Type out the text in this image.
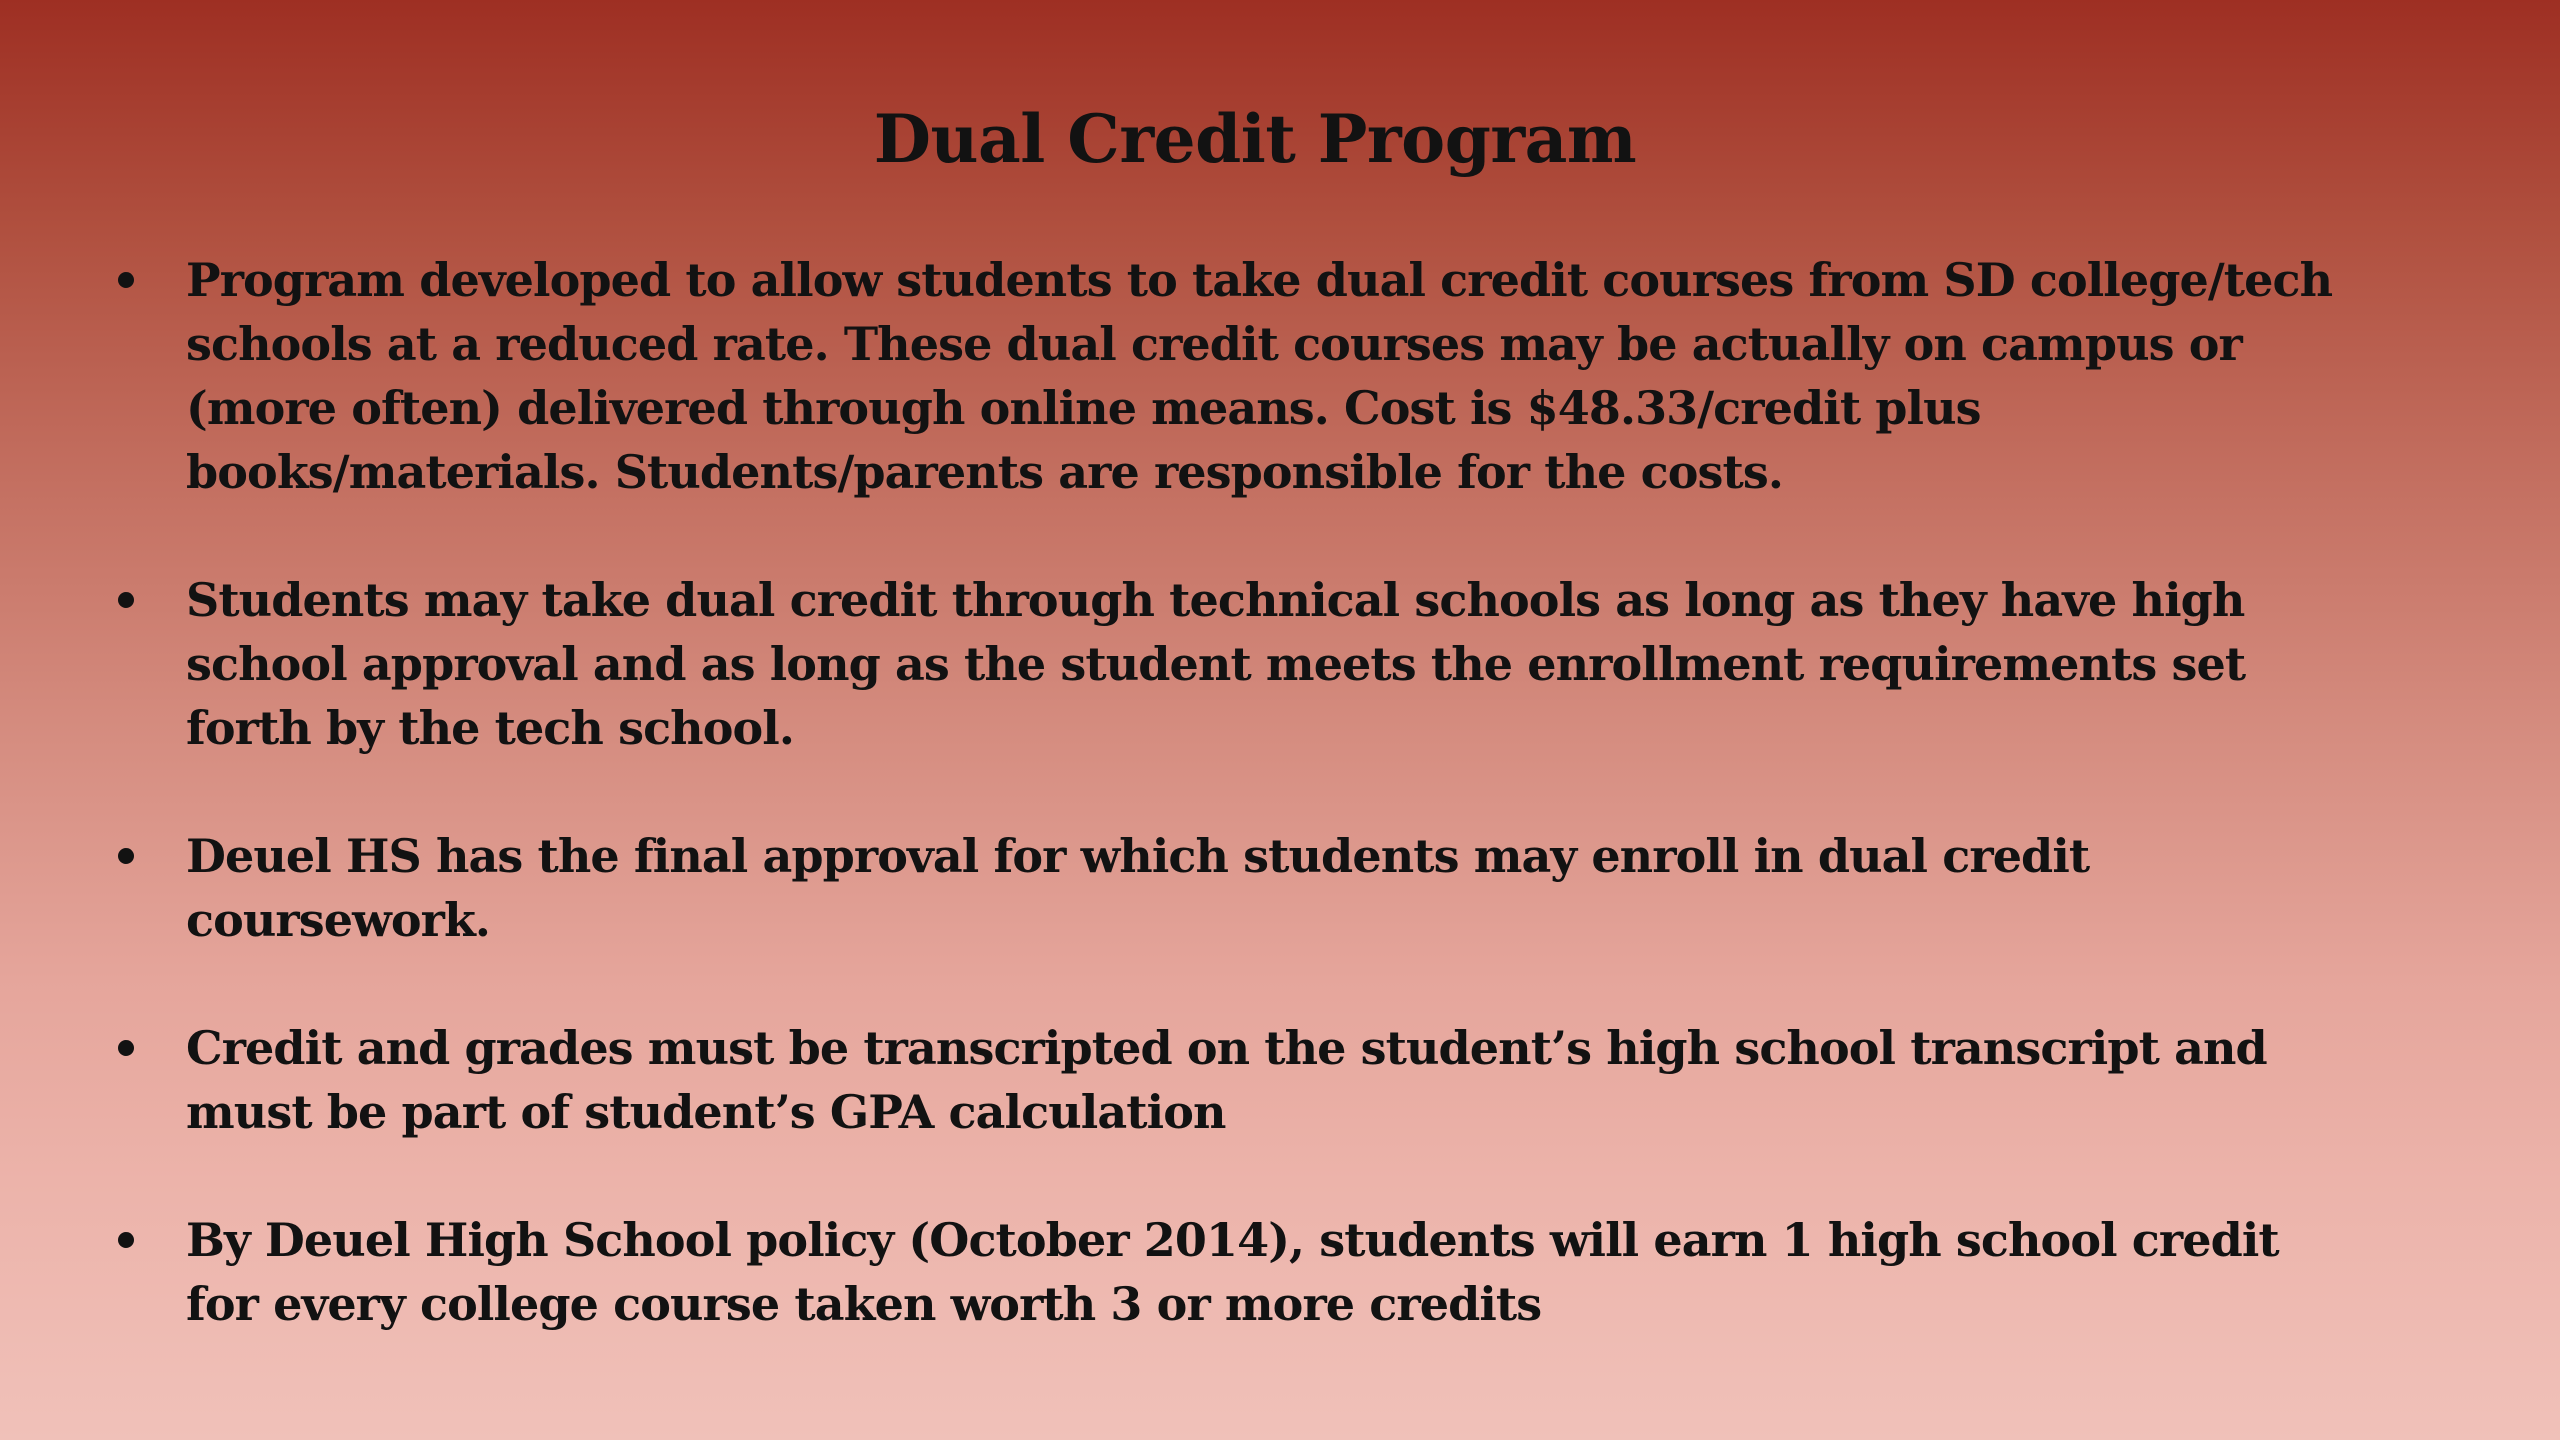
Dual Credit Program
Program developed to allow students to take dual credit courses from SD college/tech schools at a reduced rate. These dual credit courses may be actually on campus or (more often) delivered through online means. Cost is $48.33/credit plus books/materials. Students/parents are responsible for the costs.
Students may take dual credit through technical schools as long as they have high school approval and as long as the student meets the enrollment requirements set forth by the tech school.
Deuel HS has the final approval for which students may enroll in dual credit coursework.
Credit and grades must be transcripted on the student’s high school transcript and must be part of student’s GPA calculation
By Deuel High School policy (October 2014), students will earn 1 high school credit for every college course taken worth 3 or more credits
